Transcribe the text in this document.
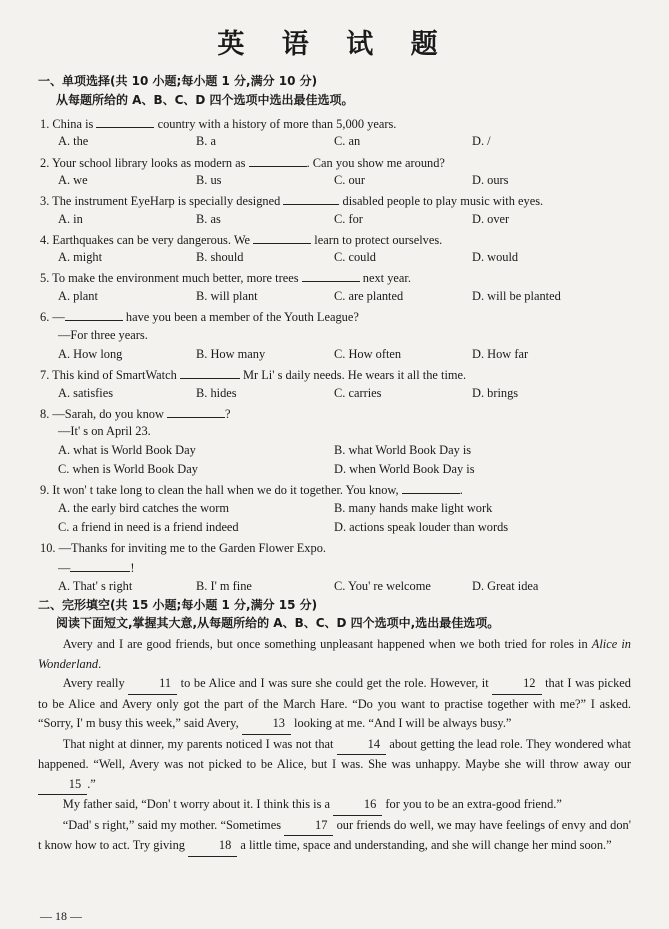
英 语 试 题
一、单项选择(共 10 小题;每小题 1 分,满分 10 分)
从每题所给的 A、B、C、D 四个选项中选出最佳选项。
1. China is	country with a history of more than 5,000 years.
A. the	B. a	C. an	D. /
2. Your school library looks as modern as	. Can you show me around?
A. we	B. us	C. our	D. ours
3. The instrument EyeHarp is specially designed	disabled people to play music with eyes.
A. in	B. as	C. for	D. over
4. Earthquakes can be very dangerous. We	learn to protect ourselves.
A. might	B. should	C. could	D. would
5. To make the environment much better, more trees	next year.
A. plant	B. will plant	C. are planted	D. will be planted
6. —	have you been a member of the Youth League?
—For three years.
A. How long	B. How many	C. How often	D. How far
7. This kind of SmartWatch	Mr Li' s daily needs. He wears it all the time.
A. satisfies	B. hides	C. carries	D. brings
8. —Sarah, do you know	?
—It' s on April 23.
A. what is World Book Day	B. what World Book Day is
C. when is World Book Day	D. when World Book Day is
9. It won' t take long to clean the hall when we do it together. You know,	.
A. the early bird catches the worm	B. many hands make light work
C. a friend in need is a friend indeed	D. actions speak louder than words
10. —Thanks for inviting me to the Garden Flower Expo.
—	!
A. That' s right	B. I' m fine	C. You' re welcome	D. Great idea
二、完形填空(共 15 小题;每小题 1 分,满分 15 分)
阅读下面短文,掌握其大意,从每题所给的 A、B、C、D 四个选项中,选出最佳选项。

Avery and I are good friends, but once something unpleasant happened when we both tried for roles in Alice in Wonderland.

Avery really 11 to be Alice and I was sure she could get the role. However, it 12 that I was picked to be Alice and Avery only got the part of the March Hare. “Do you want to practise together with me?” I asked. “Sorry, I' m busy this week,” said Avery, 13 looking at me. “And I will be always busy.”

That night at dinner, my parents noticed I was not that 14 about getting the lead role. They wondered what happened. “Well, Avery was not picked to be Alice, but I was. She was unhappy. Maybe she will throw away our 15 .”

My father said, “Don' t worry about it. I think this is a 16 for you to be an extra-good friend.”

“Dad' s right,” said my mother. “Sometimes 17 our friends do well, we may have feelings of envy and don' t know how to act. Try giving 18 a little time, space and understanding, and she will change her mind soon.”

— 18 —
